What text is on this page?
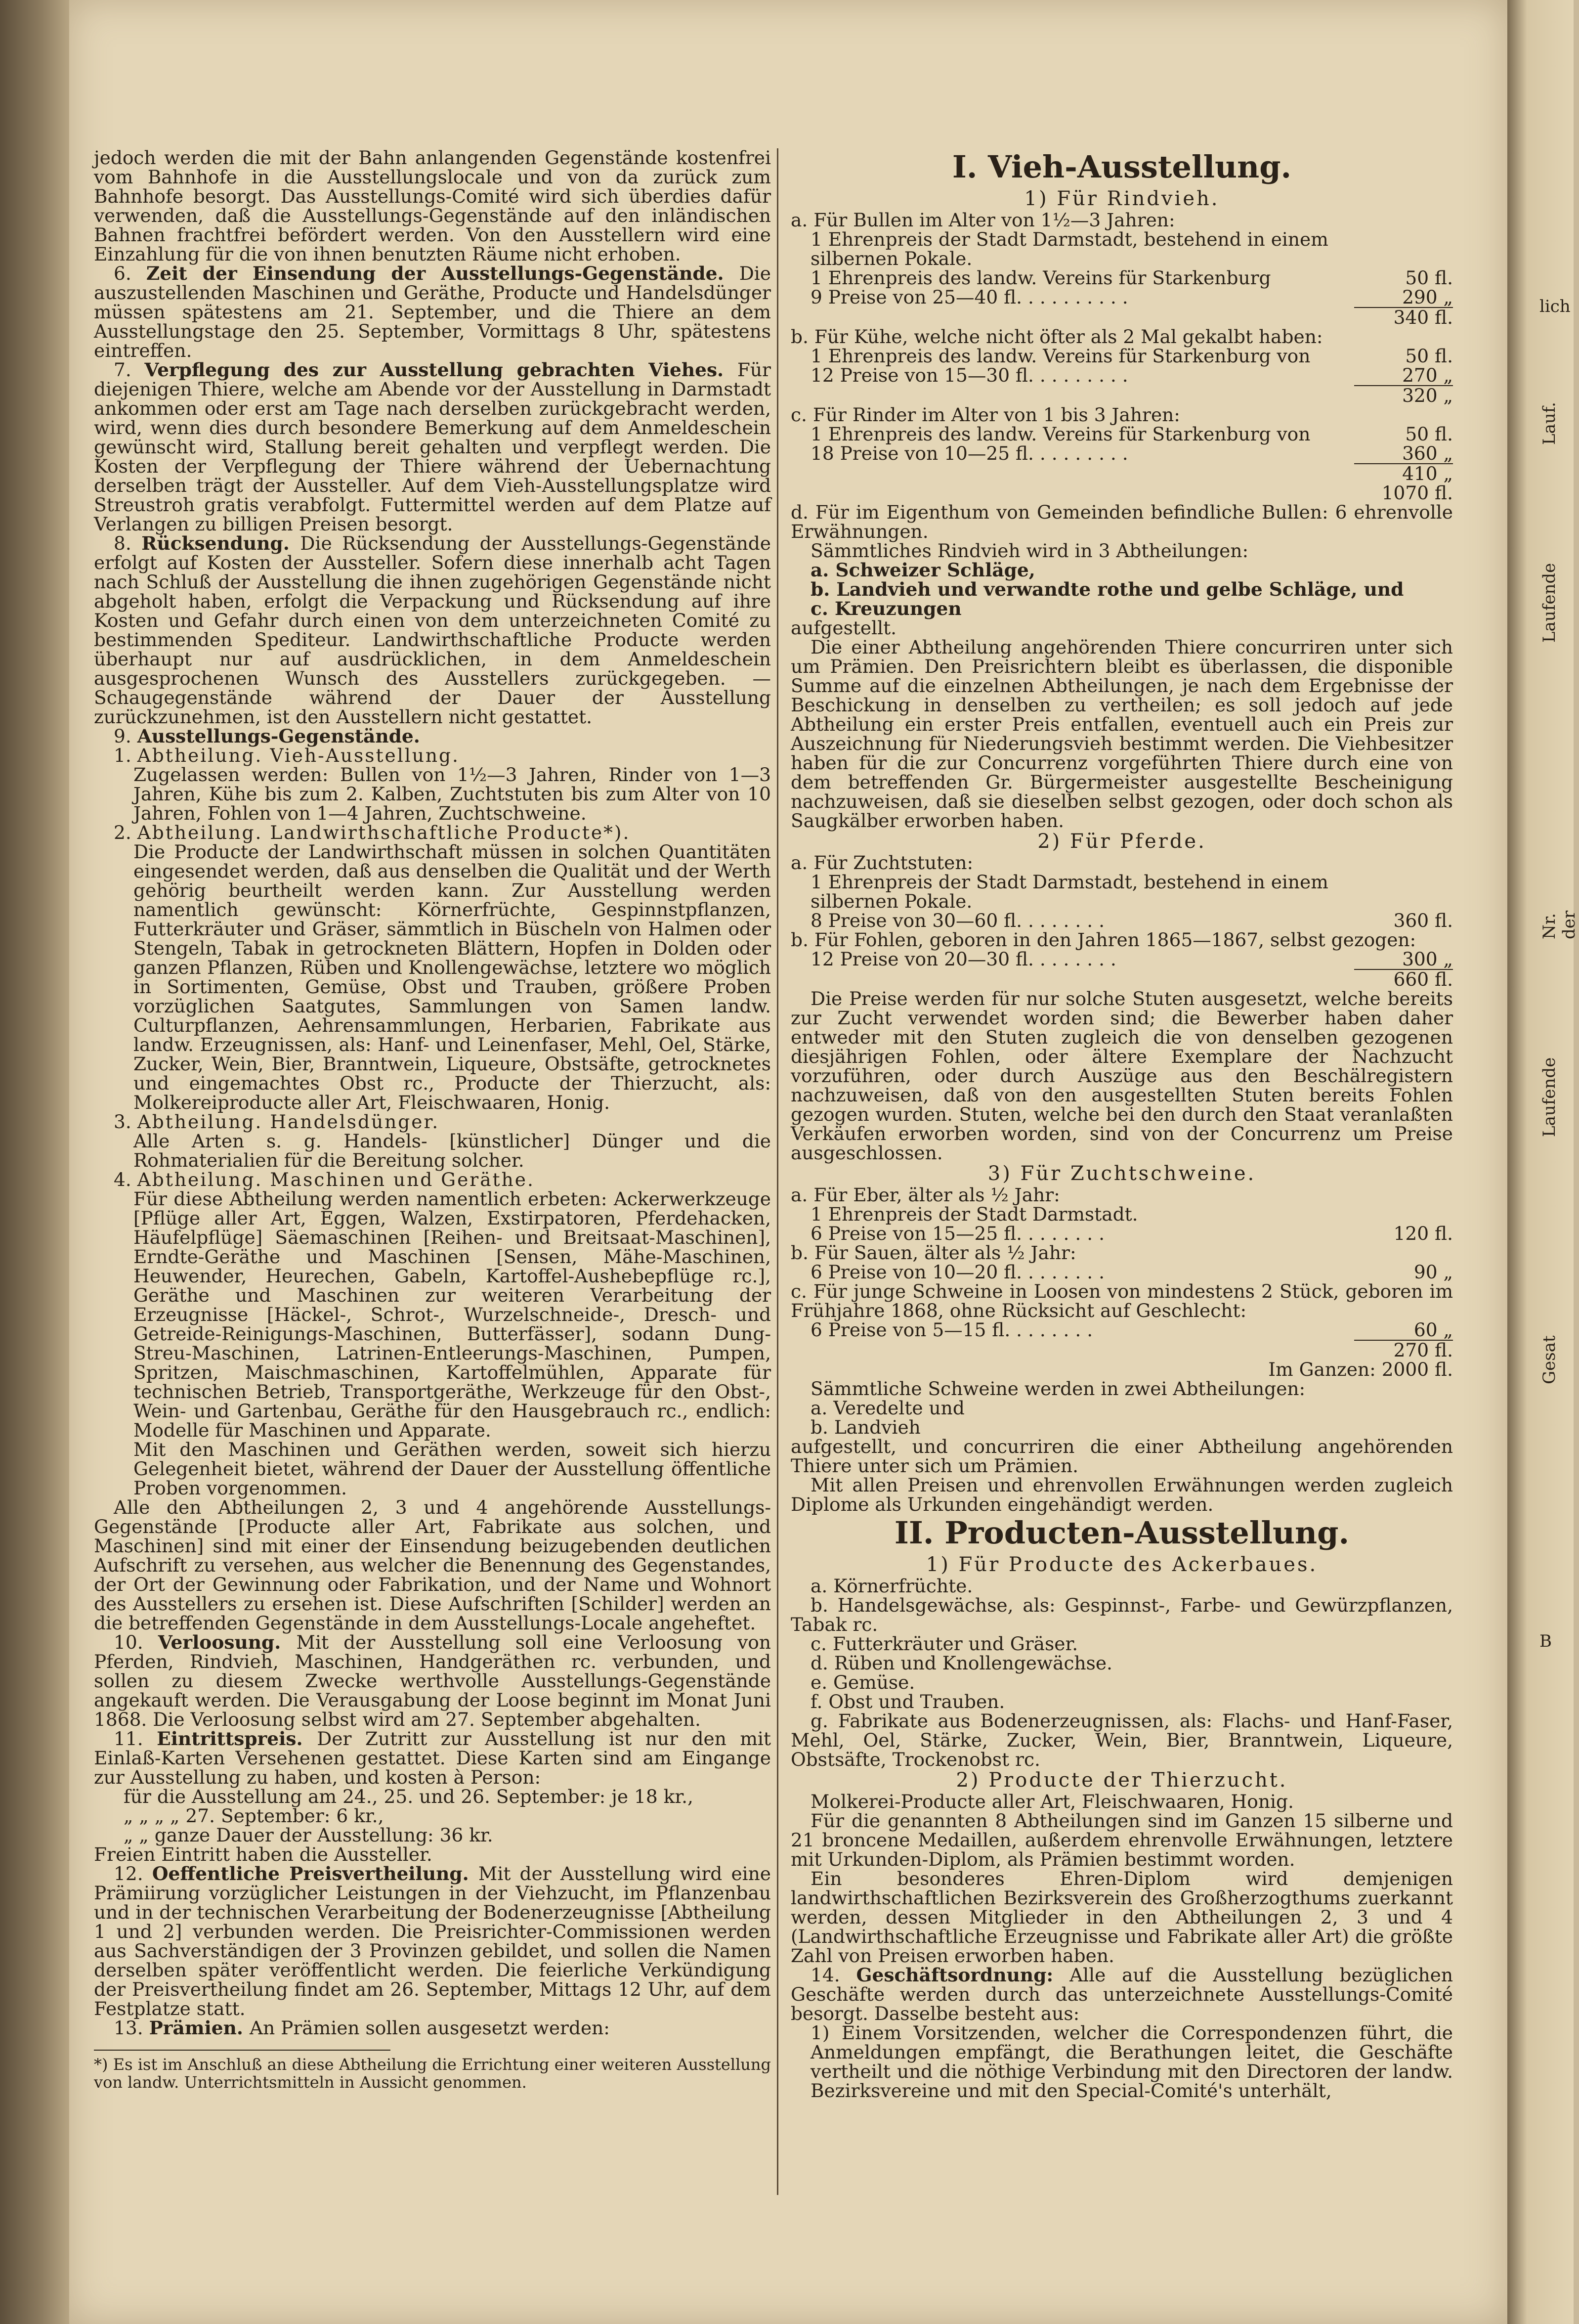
jedoch werden die mit der Bahn anlangenden Gegenstände kostenfrei vom Bahnhofe in die Ausstellungslocale und von da zurück zum Bahnhofe besorgt. Das Ausstellungs-Comité wird sich überdies dafür verwenden, daß die Ausstellungs-Gegenstände auf den inländischen Bahnen frachtfrei befördert werden. Von den Ausstellern wird eine Einzahlung für die von ihnen benutzten Räume nicht erhoben.

6. Zeit der Einsendung der Ausstellungs-Gegenstände. Die auszustellenden Maschinen und Geräthe, Producte und Handelsdünger müssen spätestens am 21. September, und die Thiere an dem Ausstellungstage den 25. September, Vormittags 8 Uhr, spätestens eintreffen.

7. Verpflegung des zur Ausstellung gebrachten Viehes. Für diejenigen Thiere, welche am Abende vor der Ausstellung in Darmstadt ankommen oder erst am Tage nach derselben zurückgebracht werden, wird, wenn dies durch besondere Bemerkung auf dem Anmeldeschein gewünscht wird, Stallung bereit gehalten und verpflegt werden. Die Kosten der Verpflegung der Thiere während der Uebernachtung derselben trägt der Aussteller. Auf dem Vieh-Ausstellungsplatze wird Streustroh gratis verabfolgt. Futtermittel werden auf dem Platze auf Verlangen zu billigen Preisen besorgt.

8. Rücksendung. Die Rücksendung der Ausstellungs-Gegenstände erfolgt auf Kosten der Aussteller. Sofern diese innerhalb acht Tagen nach Schluß der Ausstellung die ihnen zugehörigen Gegenstände nicht abgeholt haben, erfolgt die Verpackung und Rücksendung auf ihre Kosten und Gefahr durch einen von dem unterzeichneten Comité zu bestimmenden Spediteur. Landwirthschaftliche Producte werden überhaupt nur auf ausdrücklichen, in dem Anmeldeschein ausgesprochenen Wunsch des Ausstellers zurückgegeben. — Schaugegenstände während der Dauer der Ausstellung zurückzunehmen, ist den Ausstellern nicht gestattet.

9. Ausstellungs-Gegenstände.

1. Abtheilung. Vieh-Ausstellung.

Zugelassen werden: Bullen von 1½—3 Jahren, Rinder von 1—3 Jahren, Kühe bis zum 2. Kalben, Zuchtstuten bis zum Alter von 10 Jahren, Fohlen von 1—4 Jahren, Zuchtschweine.

2. Abtheilung. Landwirthschaftliche Producte*).

Die Producte der Landwirthschaft müssen in solchen Quantitäten eingesendet werden, daß aus denselben die Qualität und der Werth gehörig beurtheilt werden kann. Zur Ausstellung werden namentlich gewünscht: Körnerfrüchte, Gespinnstpflanzen, Futterkräuter und Gräser, sämmtlich in Büscheln von Halmen oder Stengeln, Tabak in getrockneten Blättern, Hopfen in Dolden oder ganzen Pflanzen, Rüben und Knollengewächse, letztere wo möglich in Sortimenten, Gemüse, Obst und Trauben, größere Proben vorzüglichen Saatgutes, Sammlungen von Samen landw. Culturpflanzen, Aehrensammlungen, Herbarien, Fabrikate aus landw. Erzeugnissen, als: Hanf- und Leinenfaser, Mehl, Oel, Stärke, Zucker, Wein, Bier, Branntwein, Liqueure, Obstsäfte, getrocknetes und eingemachtes Obst rc., Producte der Thierzucht, als: Molkereiproducte aller Art, Fleischwaaren, Honig.

3. Abtheilung. Handelsdünger.

Alle Arten s. g. Handels- [künstlicher] Dünger und die Rohmaterialien für die Bereitung solcher.

4. Abtheilung. Maschinen und Geräthe.

Für diese Abtheilung werden namentlich erbeten: Ackerwerkzeuge [Pflüge aller Art, Eggen, Walzen, Exstirpatoren, Pferdehacken, Häufelpflüge] Säemaschinen [Reihen- und Breitsaat-Maschinen], Erndte-Geräthe und Maschinen [Sensen, Mähe-Maschinen, Heuwender, Heurechen, Gabeln, Kartoffel-Aushebepflüge rc.], Geräthe und Maschinen zur weiteren Verarbeitung der Erzeugnisse [Häckel-, Schrot-, Wurzelschneide-, Dresch- und Getreide-Reinigungs-Maschinen, Butterfässer], sodann Dung-Streu-Maschinen, Latrinen-Entleerungs-Maschinen, Pumpen, Spritzen, Maischmaschinen, Kartoffelmühlen, Apparate für technischen Betrieb, Transportgeräthe, Werkzeuge für den Obst-, Wein- und Gartenbau, Geräthe für den Hausgebrauch rc., endlich: Modelle für Maschinen und Apparate.

Mit den Maschinen und Geräthen werden, soweit sich hierzu Gelegenheit bietet, während der Dauer der Ausstellung öffentliche Proben vorgenommen.

Alle den Abtheilungen 2, 3 und 4 angehörende Ausstellungs-Gegenstände [Producte aller Art, Fabrikate aus solchen, und Maschinen] sind mit einer der Einsendung beizugebenden deutlichen Aufschrift zu versehen, aus welcher die Benennung des Gegenstandes, der Ort der Gewinnung oder Fabrikation, und der Name und Wohnort des Ausstellers zu ersehen ist. Diese Aufschriften [Schilder] werden an die betreffenden Gegenstände in dem Ausstellungs-Locale angeheftet.

10. Verloosung. Mit der Ausstellung soll eine Verloosung von Pferden, Rindvieh, Maschinen, Handgeräthen rc. verbunden, und sollen zu diesem Zwecke werthvolle Ausstellungs-Gegenstände angekauft werden. Die Verausgabung der Loose beginnt im Monat Juni 1868. Die Verloosung selbst wird am 27. September abgehalten.

11. Eintrittspreis. Der Zutritt zur Ausstellung ist nur den mit Einlaß-Karten Versehenen gestattet. Diese Karten sind am Eingange zur Ausstellung zu haben, und kosten à Person:

für die Ausstellung am 24., 25. und 26. September: je 18 kr.,

„ „ „ „ 27. September: 6 kr.,

„ „ ganze Dauer der Ausstellung: 36 kr.

Freien Eintritt haben die Aussteller.

12. Oeffentliche Preisvertheilung. Mit der Ausstellung wird eine Prämiirung vorzüglicher Leistungen in der Viehzucht, im Pflanzenbau und in der technischen Verarbeitung der Bodenerzeugnisse [Abtheilung 1 und 2] verbunden werden. Die Preisrichter-Commissionen werden aus Sachverständigen der 3 Provinzen gebildet, und sollen die Namen derselben später veröffentlicht werden. Die feierliche Verkündigung der Preisvertheilung findet am 26. September, Mittags 12 Uhr, auf dem Festplatze statt.

13. Prämien. An Prämien sollen ausgesetzt werden:

*) Es ist im Anschluß an diese Abtheilung die Errichtung einer weiteren Ausstellung von landw. Unterrichtsmitteln in Aussicht genommen.

I. Vieh-Ausstellung.
1) Für Rindvieh.

a. Für Bullen im Alter von 1½—3 Jahren:

1 Ehrenpreis der Stadt Darmstadt, bestehend in einem silbernen Pokale.
1 Ehrenpreis des landw. Vereins für Starkenburg	50 fl.
9 Preise von 25—40 fl. . . . . . . . . .	290 „

340 fl.

b. Für Kühe, welche nicht öfter als 2 Mal gekalbt haben:

1 Ehrenpreis des landw. Vereins für Starkenburg von	50 fl.
12 Preise von 15—30 fl. . . . . . . . .	270 „

320 „

c. Für Rinder im Alter von 1 bis 3 Jahren:

1 Ehrenpreis des landw. Vereins für Starkenburg von	50 fl.
18 Preise von 10—25 fl. . . . . . . . .	360 „

410 „

1070 fl.

d. Für im Eigenthum von Gemeinden befindliche Bullen: 6 ehrenvolle Erwähnungen.

Sämmtliches Rindvieh wird in 3 Abtheilungen:

a. Schweizer Schläge,

b. Landvieh und verwandte rothe und gelbe Schläge, und

c. Kreuzungen

aufgestellt.

Die einer Abtheilung angehörenden Thiere concurriren unter sich um Prämien. Den Preisrichtern bleibt es überlassen, die disponible Summe auf die einzelnen Abtheilungen, je nach dem Ergebnisse der Beschickung in denselben zu vertheilen; es soll jedoch auf jede Abtheilung ein erster Preis entfallen, eventuell auch ein Preis zur Auszeichnung für Niederungsvieh bestimmt werden. Die Viehbesitzer haben für die zur Concurrenz vorgeführten Thiere durch eine von dem betreffenden Gr. Bürgermeister ausgestellte Bescheinigung nachzuweisen, daß sie dieselben selbst gezogen, oder doch schon als Saugkälber erworben haben.

2) Für Pferde.

a. Für Zuchtstuten:

1 Ehrenpreis der Stadt Darmstadt, bestehend in einem silbernen Pokale.
8 Preise von 30—60 fl. . . . . . . .	360 fl.

b. Für Fohlen, geboren in den Jahren 1865—1867, selbst gezogen:

12 Preise von 20—30 fl. . . . . . . .	300 „

660 fl.

Die Preise werden für nur solche Stuten ausgesetzt, welche bereits zur Zucht verwendet worden sind; die Bewerber haben daher entweder mit den Stuten zugleich die von denselben gezogenen diesjährigen Fohlen, oder ältere Exemplare der Nachzucht vorzuführen, oder durch Auszüge aus den Beschälregistern nachzuweisen, daß von den ausgestellten Stuten bereits Fohlen gezogen wurden. Stuten, welche bei den durch den Staat veranlaßten Verkäufen erworben worden, sind von der Concurrenz um Preise ausgeschlossen.

3) Für Zuchtschweine.

a. Für Eber, älter als ½ Jahr:

1 Ehrenpreis der Stadt Darmstadt.
6 Preise von 15—25 fl. . . . . . . .	120 fl.

b. Für Sauen, älter als ½ Jahr:

6 Preise von 10—20 fl. . . . . . . .	90 „

c. Für junge Schweine in Loosen von mindestens 2 Stück, geboren im Frühjahre 1868, ohne Rücksicht auf Geschlecht:

6 Preise von 5—15 fl. . . . . . . .	60 „

270 fl.

Im Ganzen: 2000 fl.

Sämmtliche Schweine werden in zwei Abtheilungen:

a. Veredelte und

b. Landvieh

aufgestellt, und concurriren die einer Abtheilung angehörenden Thiere unter sich um Prämien.

Mit allen Preisen und ehrenvollen Erwähnungen werden zugleich Diplome als Urkunden eingehändigt werden.

II. Producten-Ausstellung.
1) Für Producte des Ackerbaues.

a. Körnerfrüchte.

b. Handelsgewächse, als: Gespinnst-, Farbe- und Gewürzpflanzen, Tabak rc.

c. Futterkräuter und Gräser.

d. Rüben und Knollengewächse.

e. Gemüse.

f. Obst und Trauben.

g. Fabrikate aus Bodenerzeugnissen, als: Flachs- und Hanf-Faser, Mehl, Oel, Stärke, Zucker, Wein, Bier, Branntwein, Liqueure, Obstsäfte, Trockenobst rc.

2) Producte der Thierzucht.

Molkerei-Producte aller Art, Fleischwaaren, Honig.

Für die genannten 8 Abtheilungen sind im Ganzen 15 silberne und 21 broncene Medaillen, außerdem ehrenvolle Erwähnungen, letztere mit Urkunden-Diplom, als Prämien bestimmt worden.

Ein besonderes Ehren-Diplom wird demjenigen landwirthschaftlichen Bezirksverein des Großherzogthums zuerkannt werden, dessen Mitglieder in den Abtheilungen 2, 3 und 4 (Landwirthschaftliche Erzeugnisse und Fabrikate aller Art) die größte Zahl von Preisen erworben haben.

14. Geschäftsordnung: Alle auf die Ausstellung bezüglichen Geschäfte werden durch das unterzeichnete Ausstellungs-Comité besorgt. Dasselbe besteht aus:

1) Einem Vorsitzenden, welcher die Correspondenzen führt, die Anmeldungen empfängt, die Berathungen leitet, die Geschäfte vertheilt und die nöthige Verbindung mit den Directoren der landw. Bezirksvereine und mit den Special-Comité's unterhält,

lich
Lauf.
Laufende
Nr. der
Laufende
Gesat
B
